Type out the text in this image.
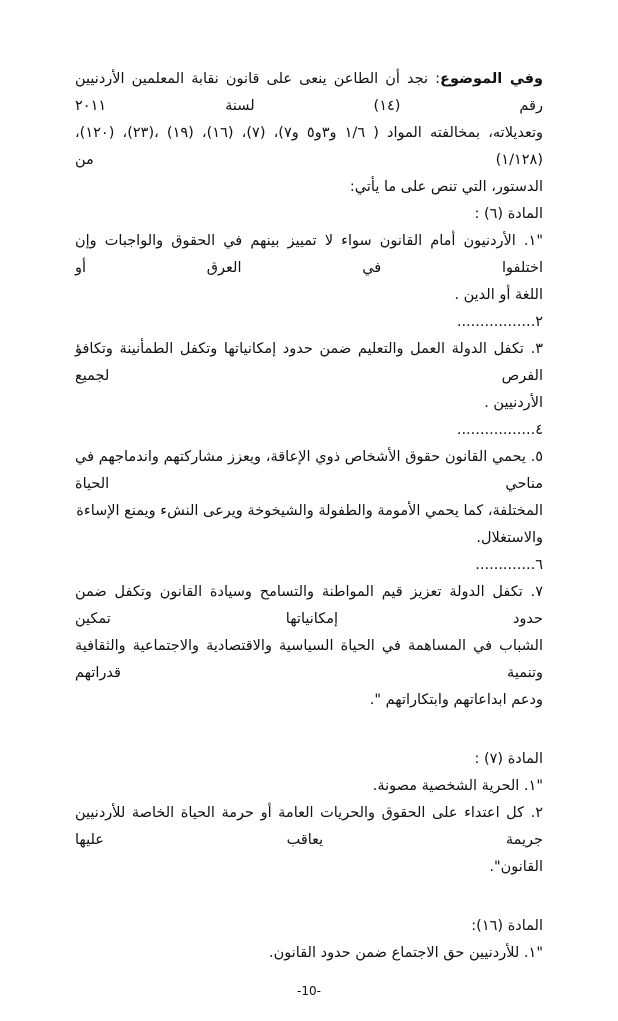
وفي الموضوع: نجد أن الطاعن ينعى على قانون نقابة المعلمين الأردنيين رقم (١٤) لسنة ٢٠١١
وتعديلاته، بمخالفته المواد ( ١/٦ و٣و٥ و٧)، (٧)، (١٦)، (١٩) ،(٢٣)، (١٢٠)، (١/١٢٨) من
الدستور، التي تنص على ما يأتي:
المادة (٦) :
"١. الأردنيون أمام القانون سواء لا تمييز بينهم في الحقوق والواجبات وإن اختلفوا في العرق أو
اللغة أو الدين .
٢.................
٣. تكفل الدولة العمل والتعليم ضمن حدود إمكانياتها وتكفل الطمأنينة وتكافؤ الفرص لجميع
الأردنيين .
٤.................
٥. يحمي القانون حقوق الأشخاص ذوي الإعاقة، ويعزز مشاركتهم واندماجهم في مناحي الحياة
المختلفة، كما يحمي الأمومة والطفولة والشيخوخة ويرعى النشء ويمنع الإساءة والاستغلال.
٦.............
٧. تكفل الدولة تعزيز قيم المواطنة والتسامح وسيادة القانون وتكفل ضمن حدود إمكانياتها تمكين
الشباب في المساهمة في الحياة السياسية والاقتصادية والاجتماعية والثقافية وتنمية قدراتهم
ودعم ابداعاتهم وابتكاراتهم ".
المادة (٧) :
"١. الحرية الشخصية مصونة.
٢. كل اعتداء على الحقوق والحريات العامة أو حرمة الحياة الخاصة للأردنيين جريمة يعاقب عليها
القانون".
المادة (١٦):
"١. للأردنيين حق الاجتماع ضمن حدود القانون.
-10-
